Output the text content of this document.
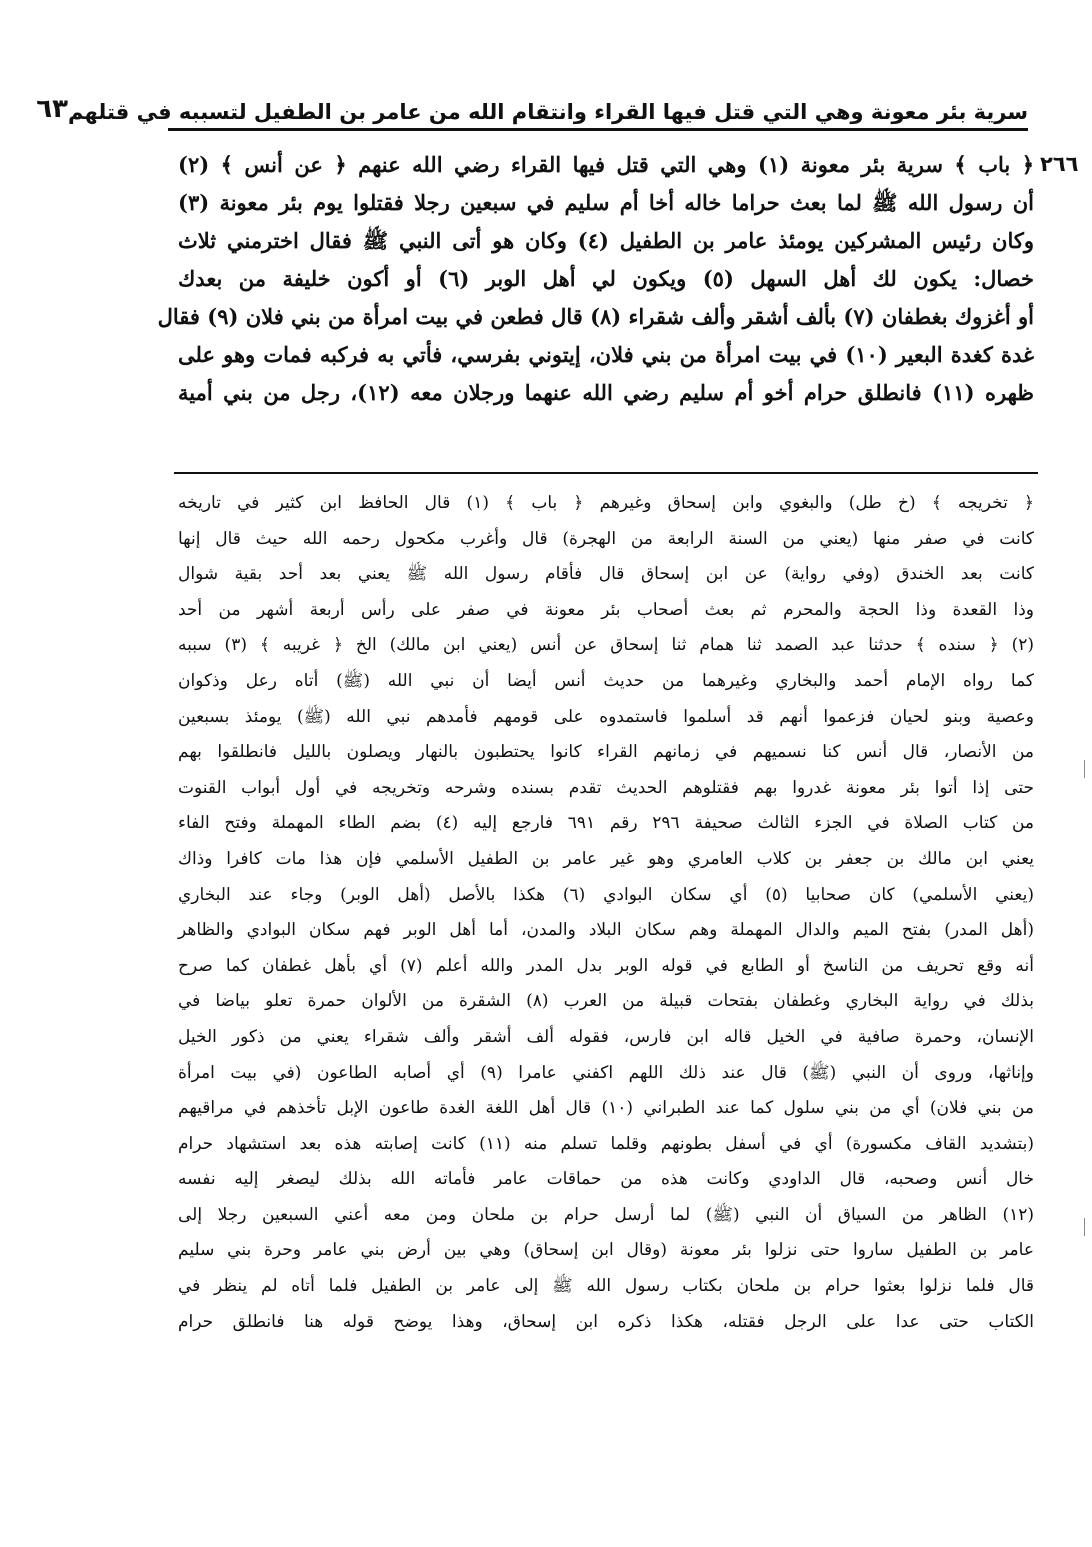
سرية بئر معونة وهي التي قتل فيها القراء وانتقام الله من عامر بن الطفيل لتسببه في قتلهم
٦٣
٢٦٦
﴿ باب ﴾ سرية بئر معونة (١) وهي التي قتل فيها القراء رضي الله عنهم ﴿ عن أنس ﴾ (٢)
أن رسول الله ﷺ لما بعث حراما خاله أخا أم سليم في سبعين رجلا فقتلوا يوم بئر معونة (٣)
وكان رئيس المشركين يومئذ عامر بن الطفيل (٤) وكان هو أتى النبي ﷺ فقال اخترمني ثلاث
خصال: يكون لك أهل السهل (٥) ويكون لي أهل الوبر (٦) أو أكون خليفة من بعدك
أو أغزوك بغطفان (٧) بألف أشقر وألف شقراء (٨) قال فطعن في بيت امرأة من بني فلان (٩) فقال
غدة كغدة البعير (١٠) في بيت امرأة من بني فلان، إيتوني بفرسي، فأتي به فركبه فمات وهو على
ظهره (١١) فانطلق حرام أخو أم سليم رضي الله عنهما ورجلان معه (١٢)، رجل من بني أمية
﴿ تخريجه ﴾ (خ طل) والبغوي وابن إسحاق وغيرهم ﴿ باب ﴾ (١) قال الحافظ ابن كثير في تاريخه
كانت في صفر منها (يعني من السنة الرابعة من الهجرة) قال وأغرب مكحول رحمه الله حيث قال إنها
كانت بعد الخندق (وفي رواية) عن ابن إسحاق قال فأقام رسول الله ﷺ يعني بعد أحد بقية شوال
وذا القعدة وذا الحجة والمحرم ثم بعث أصحاب بئر معونة في صفر على رأس أربعة أشهر من أحد
(٢) ﴿ سنده ﴾ حدثنا عبد الصمد ثنا همام ثنا إسحاق عن أنس (يعني ابن مالك) الخ ﴿ غريبه ﴾ (٣) سببه
كما رواه الإمام أحمد والبخاري وغيرهما من حديث أنس أيضا أن نبي الله (ﷺ) أتاه رعل وذكوان
وعصية وبنو لحيان فزعموا أنهم قد أسلموا فاستمدوه على قومهم فأمدهم نبي الله (ﷺ) يومئذ بسبعين
من الأنصار، قال أنس كنا نسميهم في زمانهم القراء كانوا يحتطبون بالنهار ويصلون بالليل فانطلقوا بهم
حتى إذا أتوا بئر معونة غدروا بهم فقتلوهم الحديث تقدم بسنده وشرحه وتخريجه في أول أبواب القنوت
من كتاب الصلاة في الجزء الثالث صحيفة ٢٩٦ رقم ٦٩١ فارجع إليه (٤) بضم الطاء المهملة وفتح الفاء
يعني ابن مالك بن جعفر بن كلاب العامري وهو غير عامر بن الطفيل الأسلمي فإن هذا مات كافرا وذاك
(يعني الأسلمي) كان صحابيا (٥) أي سكان البوادي (٦) هكذا بالأصل (أهل الوبر) وجاء عند البخاري
(أهل المدر) بفتح الميم والدال المهملة وهم سكان البلاد والمدن، أما أهل الوبر فهم سكان البوادي والظاهر
أنه وقع تحريف من الناسخ أو الطابع في قوله الوبر بدل المدر والله أعلم (٧) أي بأهل غطفان كما صرح
بذلك في رواية البخاري وغطفان بفتحات قبيلة من العرب (٨) الشقرة من الألوان حمرة تعلو بياضا في
الإنسان، وحمرة صافية في الخيل قاله ابن فارس، فقوله ألف أشقر وألف شقراء يعني من ذكور الخيل
وإناثها، وروى أن النبي (ﷺ) قال عند ذلك اللهم اكفني عامرا (٩) أي أصابه الطاعون (في بيت امرأة
من بني فلان) أي من بني سلول كما عند الطبراني (١٠) قال أهل اللغة الغدة طاعون الإبل تأخذهم في مراقيهم
(بتشديد القاف مكسورة) أي في أسفل بطونهم وقلما تسلم منه (١١) كانت إصابته هذه بعد استشهاد حرام
خال أنس وصحبه، قال الداودي وكانت هذه من حماقات عامر فأماته الله بذلك ليصغر إليه نفسه
(١٢) الظاهر من السياق أن النبي (ﷺ) لما أرسل حرام بن ملحان ومن معه أعني السبعين رجلا إلى
عامر بن الطفيل ساروا حتى نزلوا بئر معونة (وقال ابن إسحاق) وهي بين أرض بني عامر وحرة بني سليم
قال فلما نزلوا بعثوا حرام بن ملحان بكتاب رسول الله ﷺ إلى عامر بن الطفيل فلما أتاه لم ينظر في
الكتاب حتى عدا على الرجل فقتله، هكذا ذكره ابن إسحاق، وهذا يوضح قوله هنا فانطلق حرام
